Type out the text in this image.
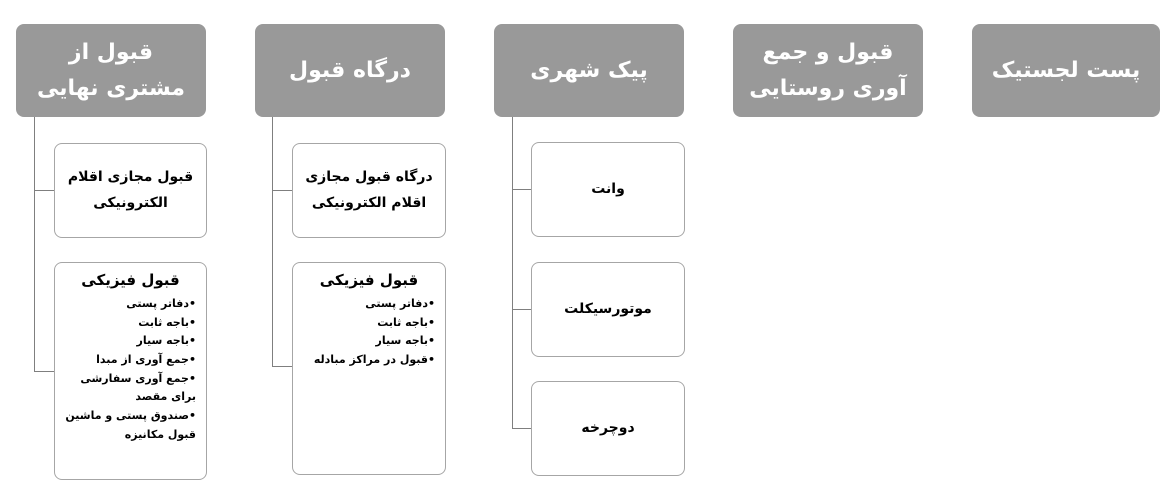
قبول از مشتری نهایی
درگاه قبول	پیک شهری
قبول و جمع آوری روستایی
پست لجستیک
قبول مجازی اقلام الکترونیکی
قبول فیزیکی
•دفاتر پستی
•باجه ثابت
•باجه سیار
•جمع آوری از مبدا
•جمع آوری سفارشی برای مقصد
•صندوق پستی و ماشین قبول مکانیزه
درگاه قبول مجازی اقلام الکترونیکی
قبول فیزیکی
•دفاتر پستی
•باجه ثابت
•باجه سیار
•قبول در مراکز مبادله
وانت
موتورسیکلت
دوچرخه
